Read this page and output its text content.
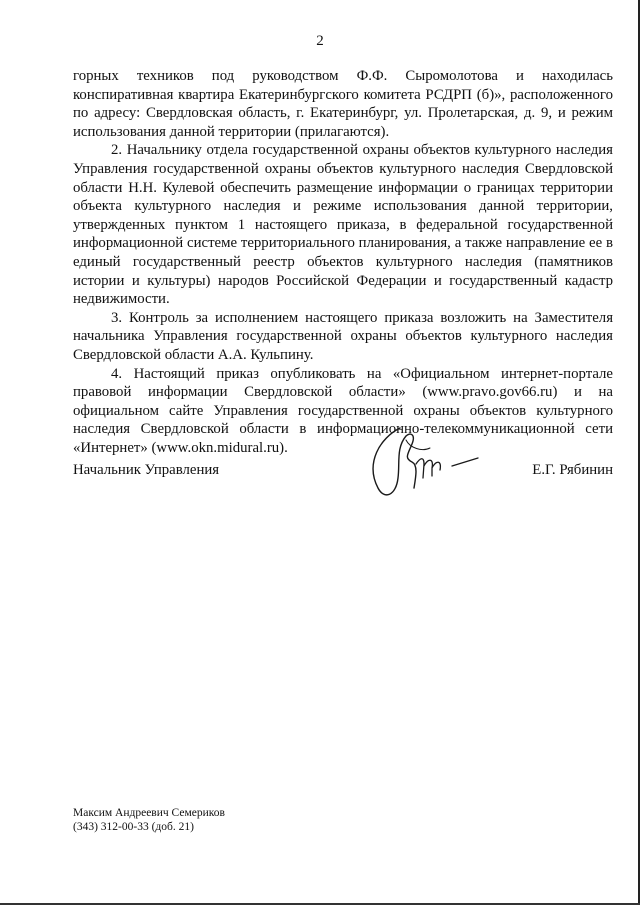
2

горных техников под руководством Ф.Ф. Сыромолотова и находилась конспиративная квартира Екатеринбургского комитета РСДРП (б)», расположенного по адресу: Свердловская область, г. Екатеринбург, ул. Пролетарская, д. 9, и режим использования данной территории (прилагаются).

2. Начальнику отдела государственной охраны объектов культурного наследия Управления государственной охраны объектов культурного наследия Свердловской области Н.Н. Кулевой обеспечить размещение информации о границах территории объекта культурного наследия и режиме использования данной территории, утвержденных пунктом 1 настоящего приказа, в федеральной государственной информационной системе территориального планирования, а также направление ее в единый государственный реестр объектов культурного наследия (памятников истории и культуры) народов Российской Федерации и государственный кадастр недвижимости.

3. Контроль за исполнением настоящего приказа возложить на Заместителя начальника Управления государственной охраны объектов культурного наследия Свердловской области А.А. Кульпину.

4. Настоящий приказ опубликовать на «Официальном интернет-портале правовой информации Свердловской области» (www.pravo.gov66.ru) и на официальном сайте Управления государственной охраны объектов культурного наследия Свердловской области в информационно-телекоммуникационной сети «Интернет» (www.okn.midural.ru).

Начальник Управления	Е.Г. Рябинин
Максим Андреевич Семериков
(343) 312-00-33 (доб. 21)
